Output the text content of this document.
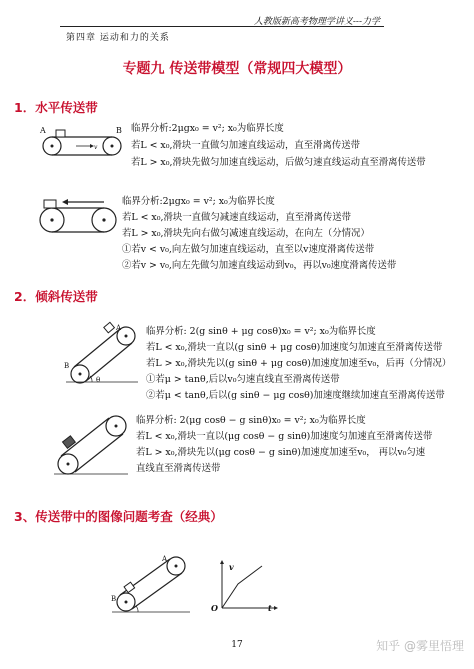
人教版新高考物理学讲义---力学
第四章 运动和力的关系
专题九 传送带模型（常规四大模型）
1．水平传送带
A	B
v
临界分析:2μgx₀ = v²; x₀为临界长度
若L < x₀,滑块一直做匀加速直线运动，直至滑离传送带
若L > x₀,滑块先做匀加速直线运动，后做匀速直线运动直至滑离传送带
临界分析:2μgx₀ = v²; x₀为临界长度
若L < x₀,滑块一直做匀减速直线运动，直至滑离传送带
若L > x₀,滑块先向右做匀减速直线运动，在向左（分情况）
①若v < v₀,向左做匀加速直线运动，直至以v速度滑离传送带
②若v > v₀,向左先做匀加速直线运动到v₀，再以v₀速度滑离传送带
2．倾斜传送带
A
B
θ
临界分析: 2(g sinθ + μg cosθ)x₀ = v²; x₀为临界长度
若L < x₀,滑块一直以(g sinθ + μg cosθ)加速度匀加速直至滑离传送带
若L > x₀,滑块先以(g sinθ + μg cosθ)加速度加速至v₀，后再（分情况）
①若μ > tanθ,后以v₀匀速直线直至滑离传送带
②若μ < tanθ,后以(g sinθ − μg cosθ)加速度继续加速直至滑离传送带
临界分析: 2(μg cosθ − g sinθ)x₀ = v²; x₀为临界长度
若L < x₀,滑块一直以(μg cosθ − g sinθ)加速度匀加速直至滑离传送带
若L > x₀,滑块先以(μg cosθ − g sinθ)加速度加速至v₀， 再以v₀匀速
直线直至滑离传送带
3、传送带中的图像问题考查（经典）
A
B
v
t
O
17	知乎 @雾里悟理
